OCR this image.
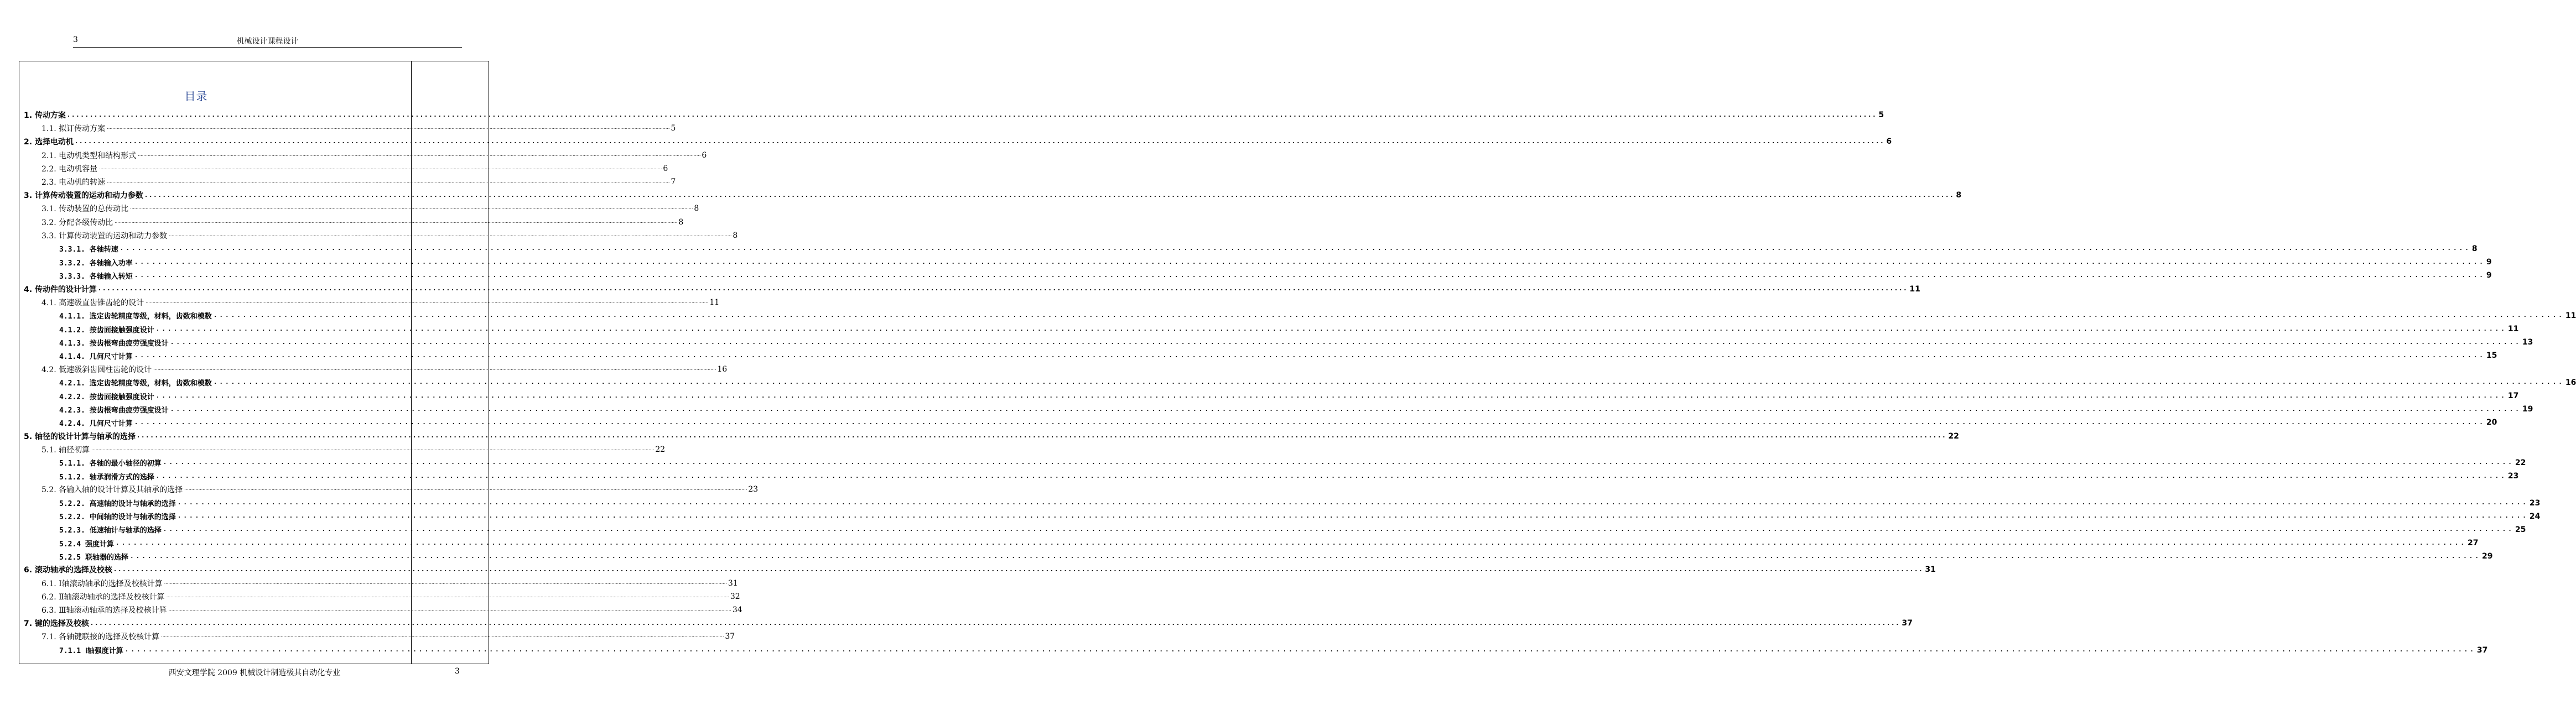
3	机械设计课程设计
目录
1. 传动方案 ................................................................................................................................................................................................................................................................................................................................................................................................................ 5
1.1. 拟订传动方案 ................................................................................................................................................................................................................................................................................................................................................................................................................ 5
2. 选择电动机 ................................................................................................................................................................................................................................................................................................................................................................................................................ 6
2.1. 电动机类型和结构形式 ................................................................................................................................................................................................................................................................................................................................................................................................................ 6
2.2. 电动机容量 ................................................................................................................................................................................................................................................................................................................................................................................................................ 6
2.3. 电动机的转速 ................................................................................................................................................................................................................................................................................................................................................................................................................ 7
3. 计算传动装置的运动和动力参数 ................................................................................................................................................................................................................................................................................................................................................................................................................ 8
3.1. 传动装置的总传动比 ................................................................................................................................................................................................................................................................................................................................................................................................................ 8
3.2. 分配各级传动比 ................................................................................................................................................................................................................................................................................................................................................................................................................ 8
3.3. 计算传动装置的运动和动力参数 ................................................................................................................................................................................................................................................................................................................................................................................................................ 8
3.3.1. 各轴转速 ................................................................................................................................................................................................................................................................................................................................................................................................................ 8
3.3.2. 各轴输入功率 ................................................................................................................................................................................................................................................................................................................................................................................................................ 9
3.3.3. 各轴输入转矩 ................................................................................................................................................................................................................................................................................................................................................................................................................ 9
4. 传动件的设计计算 ................................................................................................................................................................................................................................................................................................................................................................................................................ 11
4.1. 高速级直齿锥齿轮的设计 ................................................................................................................................................................................................................................................................................................................................................................................................................ 11
4.1.1. 选定齿轮精度等级，材料，齿数和模数 ................................................................................................................................................................................................................................................................................................................................................................................................................ 11
4.1.2. 按齿面接触强度设计 ................................................................................................................................................................................................................................................................................................................................................................................................................ 11
4.1.3. 按齿根弯曲疲劳强度设计 ................................................................................................................................................................................................................................................................................................................................................................................................................ 13
4.1.4. 几何尺寸计算 ................................................................................................................................................................................................................................................................................................................................................................................................................ 15
4.2. 低速级斜齿圆柱齿轮的设计 ................................................................................................................................................................................................................................................................................................................................................................................................................ 16
4.2.1. 选定齿轮精度等级，材料，齿数和模数 ................................................................................................................................................................................................................................................................................................................................................................................................................ 16
4.2.2. 按齿面接触强度设计 ................................................................................................................................................................................................................................................................................................................................................................................................................ 17
4.2.3. 按齿根弯曲疲劳强度设计 ................................................................................................................................................................................................................................................................................................................................................................................................................ 19
4.2.4. 几何尺寸计算 ................................................................................................................................................................................................................................................................................................................................................................................................................ 20
5. 轴径的设计计算与轴承的选择 ................................................................................................................................................................................................................................................................................................................................................................................................................ 22
5.1. 轴径初算 ................................................................................................................................................................................................................................................................................................................................................................................................................ 22
5.1.1. 各轴的最小轴径的初算 ................................................................................................................................................................................................................................................................................................................................................................................................................ 22
5.1.2. 轴承润滑方式的选择 ................................................................................................................................................................................................................................................................................................................................................................................................................ 23
5.2. 各输入轴的设计计算及其轴承的选择 ................................................................................................................................................................................................................................................................................................................................................................................................................ 23
5.2.2. 高速轴的设计与轴承的选择 ................................................................................................................................................................................................................................................................................................................................................................................................................ 23
5.2.2. 中间轴的设计与轴承的选择 ................................................................................................................................................................................................................................................................................................................................................................................................................ 24
5.2.3. 低速轴计与轴承的选择 ................................................................................................................................................................................................................................................................................................................................................................................................................ 25
5.2.4 强度计算 ................................................................................................................................................................................................................................................................................................................................................................................................................ 27
5.2.5 联轴器的选择 ................................................................................................................................................................................................................................................................................................................................................................................................................ 29
6. 滚动轴承的选择及校核 ................................................................................................................................................................................................................................................................................................................................................................................................................ 31
6.1. Ⅰ轴滚动轴承的选择及校核计算 ................................................................................................................................................................................................................................................................................................................................................................................................................ 31
6.2. Ⅱ轴滚动轴承的选择及校核计算 ................................................................................................................................................................................................................................................................................................................................................................................................................ 32
6.3. Ⅲ轴滚动轴承的选择及校核计算 ................................................................................................................................................................................................................................................................................................................................................................................................................ 34
7. 键的选择及校核 ................................................................................................................................................................................................................................................................................................................................................................................................................ 37
7.1. 各轴键联接的选择及校核计算 ................................................................................................................................................................................................................................................................................................................................................................................................................ 37
7.1.1 Ⅰ轴强度计算 ................................................................................................................................................................................................................................................................................................................................................................................................................ 37
西安文理学院 2009 机械设计制造极其自动化专业	3
